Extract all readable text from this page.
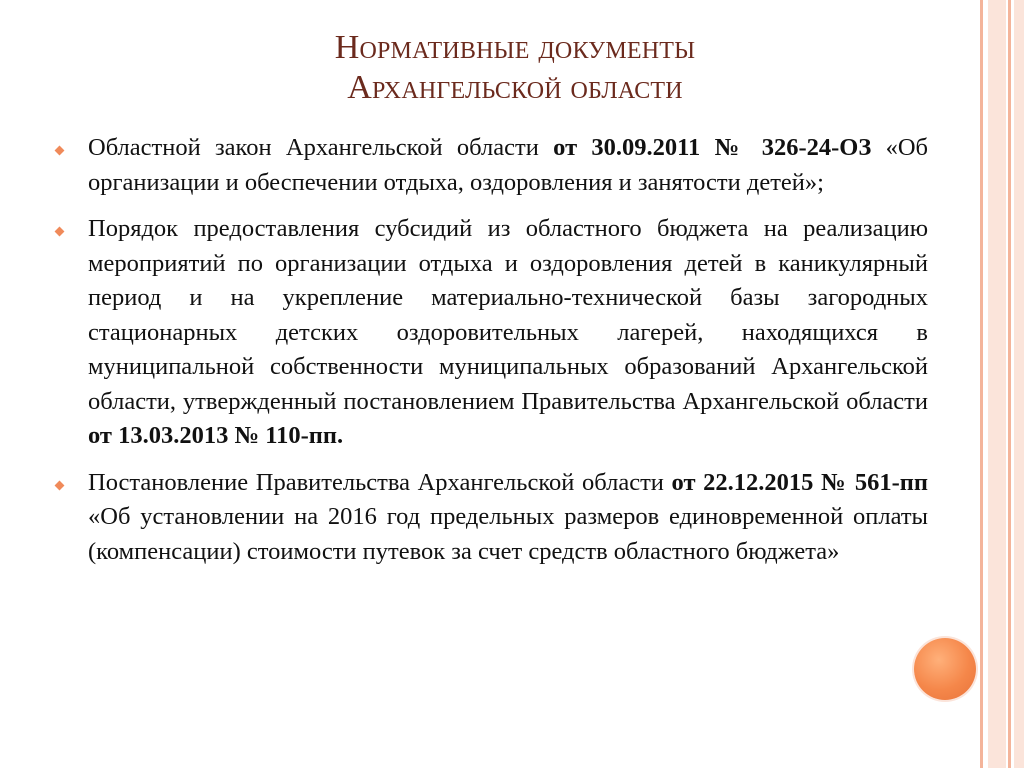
Нормативные документы
Архангельской области
Областной закон Архангельской области от 30.09.2011 № 326-24-ОЗ «Об организации и обеспечении отдыха, оздоровления и занятости детей»;
Порядок предоставления субсидий из областного бюджета на реализацию мероприятий по организации отдыха и оздоровления детей в каникулярный период и на укрепление материально-технической базы загородных стационарных детских оздоровительных лагерей, находящихся в муниципальной собственности муниципальных образований Архангельской области, утвержденный постановлением Правительства Архангельской области от 13.03.2013 № 110-пп.
Постановление Правительства Архангельской области от 22.12.2015 № 561-пп «Об установлении на 2016 год предельных размеров единовременной оплаты (компенсации) стоимости путевок за счет средств областного бюджета»
